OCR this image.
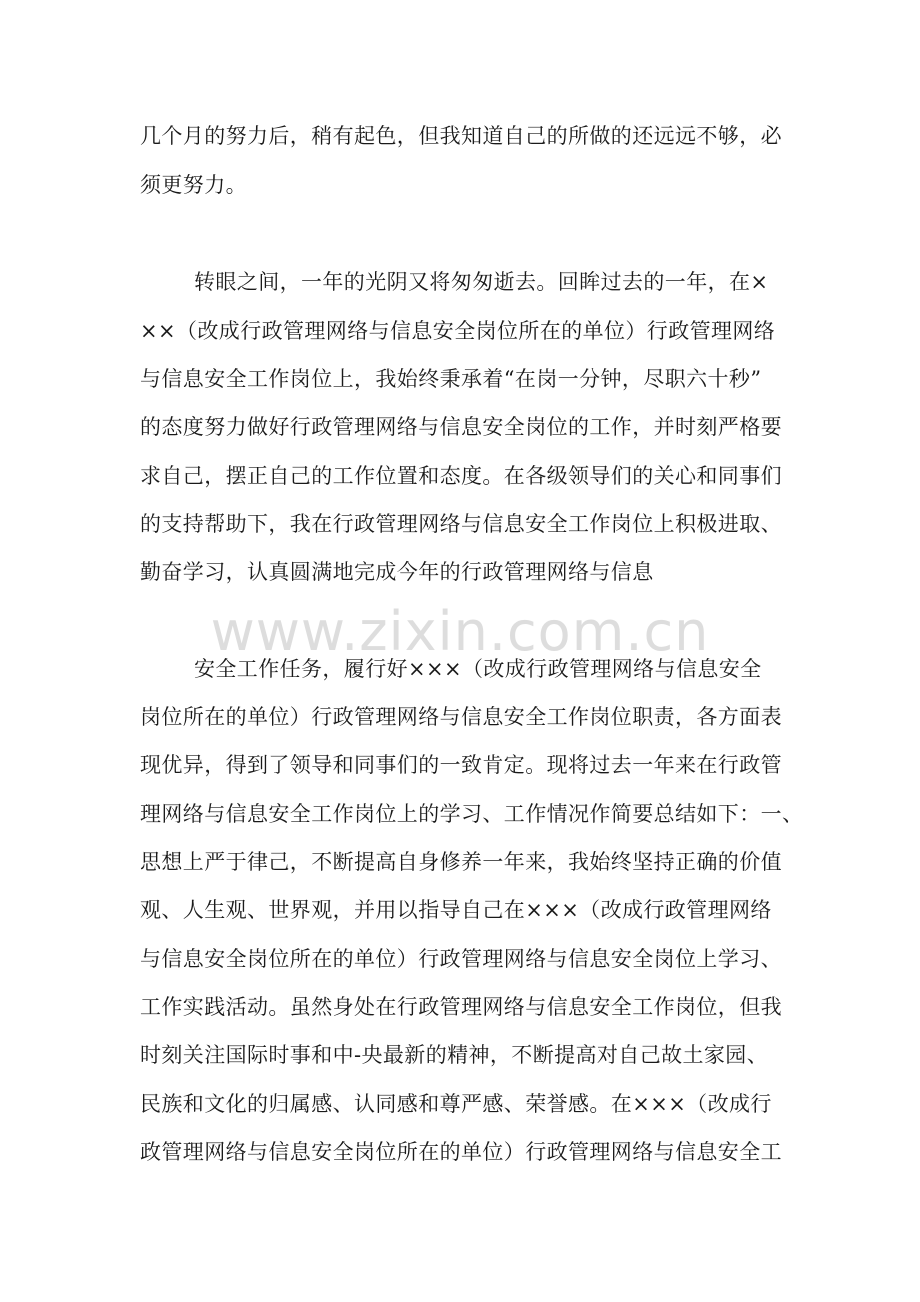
几个月的努力后，稍有起色，但我知道自己的所做的还远远不够，必
须更努力。
转眼之间，一年的光阴又将匆匆逝去。回眸过去的一年，在×
××（改成行政管理网络与信息安全岗位所在的单位）行政管理网络
与信息安全工作岗位上，我始终秉承着“在岗一分钟，尽职六十秒”
的态度努力做好行政管理网络与信息安全岗位的工作，并时刻严格要
求自己，摆正自己的工作位置和态度。在各级领导们的关心和同事们
的支持帮助下，我在行政管理网络与信息安全工作岗位上积极进取、
勤奋学习，认真圆满地完成今年的行政管理网络与信息
www.zixin.com.cn
安全工作任务，履行好×××（改成行政管理网络与信息安全
岗位所在的单位）行政管理网络与信息安全工作岗位职责，各方面表
现优异，得到了领导和同事们的一致肯定。现将过去一年来在行政管
理网络与信息安全工作岗位上的学习、工作情况作简要总结如下：一、
思想上严于律己，不断提高自身修养一年来，我始终坚持正确的价值
观、人生观、世界观，并用以指导自己在×××（改成行政管理网络
与信息安全岗位所在的单位）行政管理网络与信息安全岗位上学习、
工作实践活动。虽然身处在行政管理网络与信息安全工作岗位，但我
时刻关注国际时事和中-央最新的精神，不断提高对自己故土家园、
民族和文化的归属感、认同感和尊严感、荣誉感。在×××（改成行
政管理网络与信息安全岗位所在的单位）行政管理网络与信息安全工
